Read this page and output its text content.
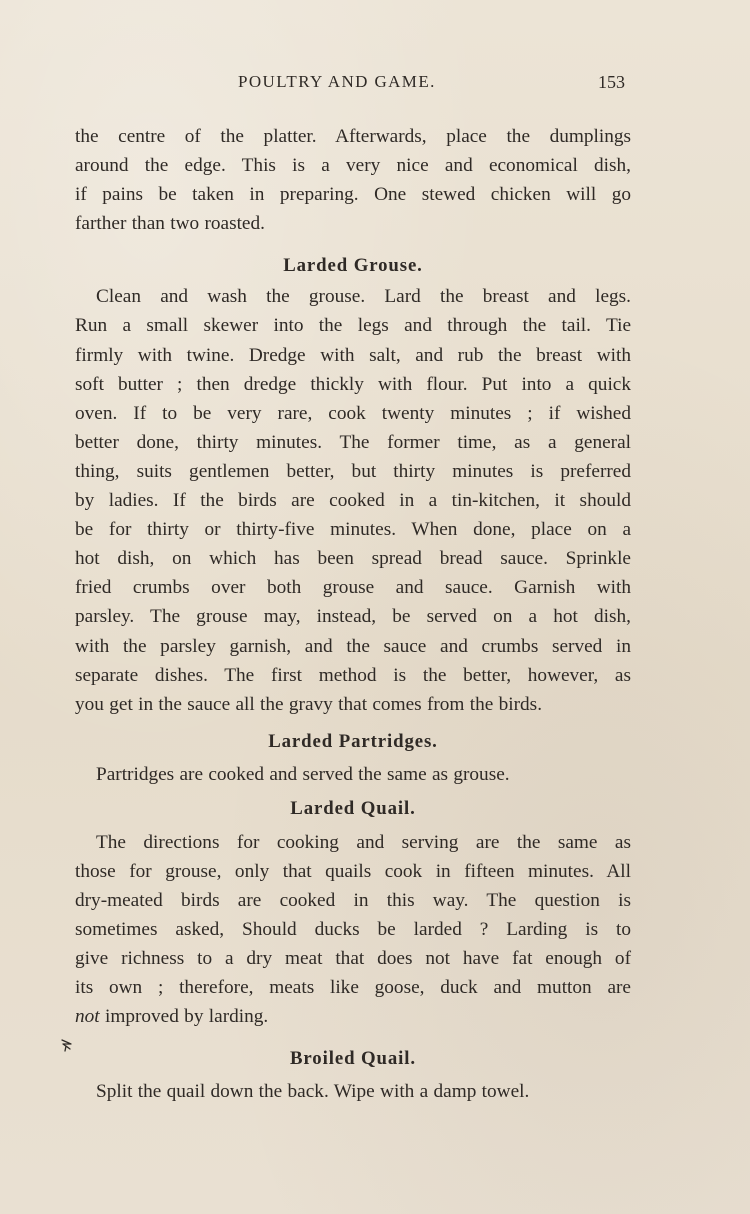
POULTRY AND GAME.	153

the centre of the platter. Afterwards, place the dumplings
around the edge. This is a very nice and economical dish,
if pains be taken in preparing. One stewed chicken will go
farther than two roasted.

Larded Grouse.

Clean and wash the grouse. Lard the breast and legs.
Run a small skewer into the legs and through the tail. Tie
firmly with twine. Dredge with salt, and rub the breast with
soft butter ; then dredge thickly with flour. Put into a quick
oven. If to be very rare, cook twenty minutes ; if wished
better done, thirty minutes. The former time, as a general
thing, suits gentlemen better, but thirty minutes is preferred
by ladies. If the birds are cooked in a tin-kitchen, it should
be for thirty or thirty-five minutes. When done, place on a
hot dish, on which has been spread bread sauce. Sprinkle
fried crumbs over both grouse and sauce. Garnish with
parsley. The grouse may, instead, be served on a hot dish,
with the parsley garnish, and the sauce and crumbs served in
separate dishes. The first method is the better, however, as
you get in the sauce all the gravy that comes from the birds.

Larded Partridges.

Partridges are cooked and served the same as grouse.

Larded Quail.

The directions for cooking and serving are the same as
those for grouse, only that quails cook in fifteen minutes. All
dry-meated birds are cooked in this way. The question is
sometimes asked, Should ducks be larded ? Larding is to
give richness to a dry meat that does not have fat enough of
its own ; therefore, meats like goose, duck and mutton are
not improved by larding.

Broiled Quail.

Split the quail down the back. Wipe with a damp towel.
